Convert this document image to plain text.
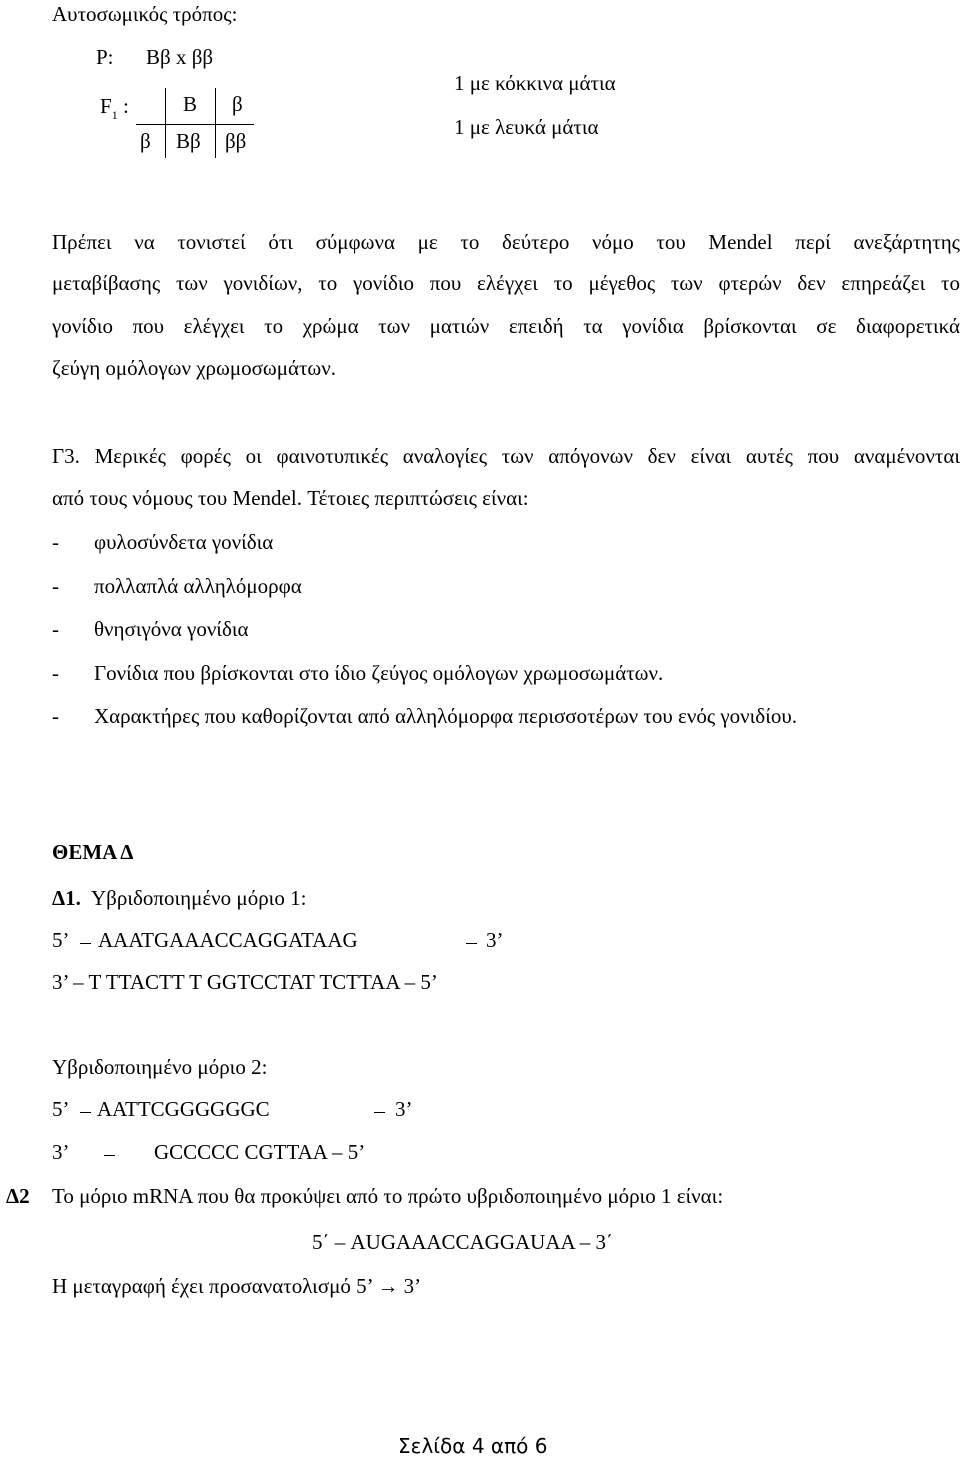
Αυτοσωμικός τρόπος:
P: Ββ x ββ
$F_1$ :	Β β
β Ββ ββ
1 με κόκκινα μάτια
1 με λευκά μάτια
Πρέπει να τονιστεί ότι σύμφωνα με το δεύτερο νόμο του Mendel περί ανεξάρτητης
μεταβίβασης των γονιδίων, το γονίδιο που ελέγχει το μέγεθος των φτερών δεν επηρεάζει το
γονίδιο που ελέγχει το χρώμα των ματιών επειδή τα γονίδια βρίσκονται σε διαφορετικά
ζεύγη ομόλογων χρωμοσωμάτων.
Γ3. Μερικές φορές οι φαινοτυπικές αναλογίες των απόγονων δεν είναι αυτές που αναμένονται
από τους νόμους του Mendel. Τέτοιες περιπτώσεις είναι:
- φυλοσύνδετα γονίδια
- πολλαπλά αλληλόμορφα
- θνησιγόνα γονίδια
- Γονίδια που βρίσκονται στο ίδιο ζεύγος ομόλογων χρωμοσωμάτων.
- Χαρακτήρες που καθορίζονται από αλληλόμορφα περισσοτέρων του ενός γονιδίου.
ΘΕΜΑ Δ
Δ1. Υβριδοποιημένο μόριο 1:
5’ AAATGAAACCAGGATAAG	3’
3’ – T TTACTT T GGTCCTAT TCTTAA – 5’
Υβριδοποιημένο μόριο 2:
5’ AATTCGGGGGGC	3’
3’	GCCCCC CGTTAA – 5’
Δ2 Το μόριο mRNA που θα προκύψει από το πρώτο υβριδοποιημένο μόριο 1 είναι:
5΄ – AUGAAACCAGGAUAA – 3΄
Η μεταγραφή έχει προσανατολισμό 5’ → 3’
Σελίδα 4 από 6
